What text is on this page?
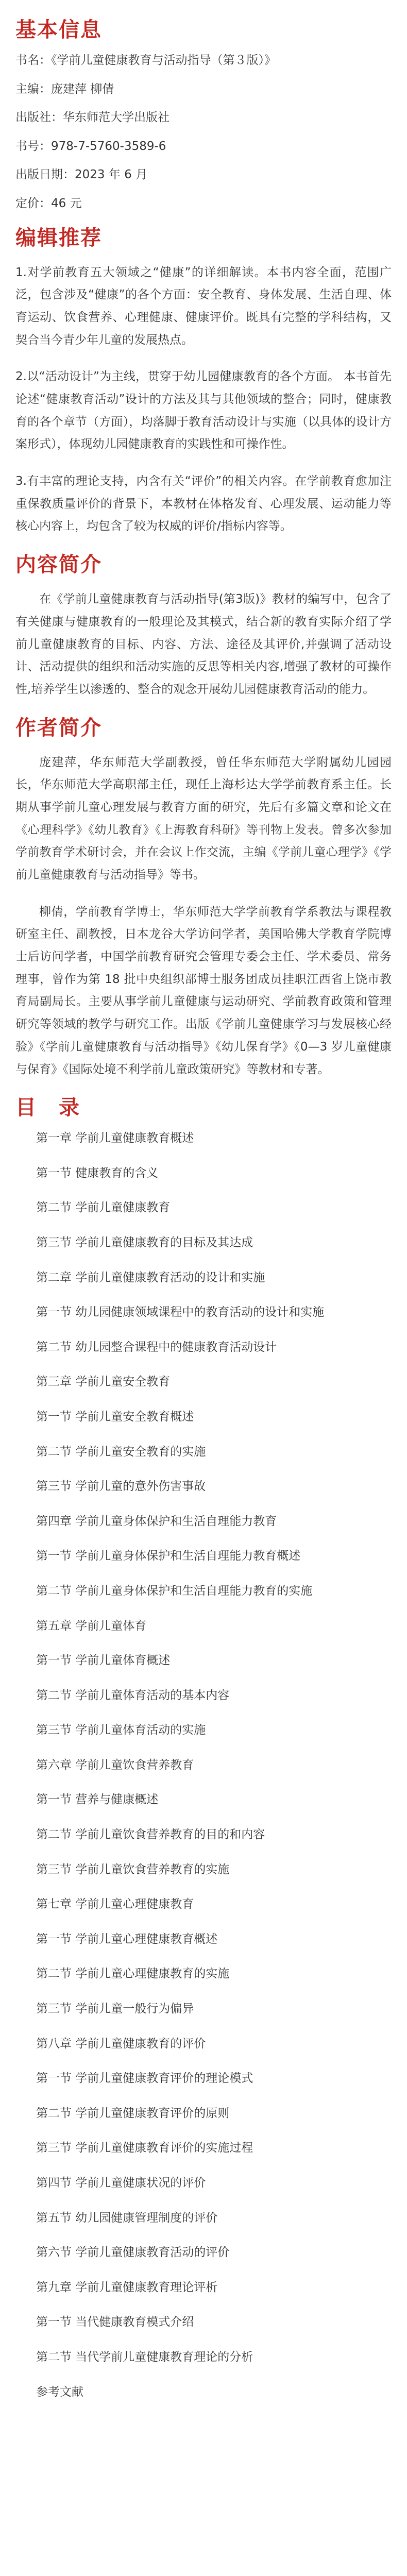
基本信息
书名：《学前儿童健康教育与活动指导（第３版）》
主编：庞建萍 柳倩
出版社：华东师范大学出版社
书号：978-7-5760-3589-6
出版日期：2023 年 6 月
定价：46 元
编辑推荐

1.对学前教育五大领域之“健康”的详细解读。本书内容全面，范围广泛，包含涉及“健康”的各个方面：安全教育、身体发展、生活自理、体育运动、饮食营养、心理健康、健康评价。既具有完整的学科结构，又契合当今青少年儿童的发展热点。

2.以“活动设计”为主线，贯穿于幼儿园健康教育的各个方面。 本书首先论述“健康教育活动”设计的方法及其与其他领域的整合；同时，健康教育的各个章节（方面），均落脚于教育活动设计与实施（以具体的设计方案形式），体现幼儿园健康教育的实践性和可操作性。

3.有丰富的理论支持，内含有关“评价”的相关内容。在学前教育愈加注重保教质量评价的背景下，本教材在体格发育、心理发展、运动能力等核心内容上，均包含了较为权威的评价/指标内容等。

内容简介

在《学前儿童健康教育与活动指导(第3版)》教材的编写中，包含了有关健康与健康教育的一般理论及其模式，结合新的教育实际介绍了学前儿童健康教育的目标、内容、方法、途径及其评价,并强调了活动设计、活动提供的组织和活动实施的反思等相关内容,增强了教材的可操作性,培养学生以渗透的、整合的观念开展幼儿园健康教育活动的能力。

作者简介

庞建萍，华东师范大学副教授，曾任华东师范大学附属幼儿园园长，华东师范大学高职部主任，现任上海杉达大学学前教育系主任。长期从事学前儿童心理发展与教育方面的研究，先后有多篇文章和论文在《心理科学》《幼儿教育》《上海教育科研》等刊物上发表。曾多次参加学前教育学术研讨会，并在会议上作交流，主编《学前儿童心理学》《学前儿童健康教育与活动指导》等书。

柳倩，学前教育学博士，华东师范大学学前教育学系教法与课程教研室主任、副教授，日本龙谷大学访问学者，美国哈佛大学教育学院博士后访问学者，中国学前教育研究会管理专委会主任、学术委员、常务理事，曾作为第 18 批中央组织部博士服务团成员挂职江西省上饶市教育局副局长。主要从事学前儿童健康与运动研究、学前教育政策和管理研究等领域的教学与研究工作。出版《学前儿童健康学习与发展核心经验》《学前儿童健康教育与活动指导》《幼儿保育学》《0—3 岁儿童健康与保育》《国际处境不利学前儿童政策研究》等教材和专著。

目　录
第一章 学前儿童健康教育概述
第一节 健康教育的含义
第二节 学前儿童健康教育
第三节 学前儿童健康教育的目标及其达成
第二章 学前儿童健康教育活动的设计和实施
第一节 幼儿园健康领域课程中的教育活动的设计和实施
第二节 幼儿园整合课程中的健康教育活动设计
第三章 学前儿童安全教育
第一节 学前儿童安全教育概述
第二节 学前儿童安全教育的实施
第三节 学前儿童的意外伤害事故
第四章 学前儿童身体保护和生活自理能力教育
第一节 学前儿童身体保护和生活自理能力教育概述
第二节 学前儿童身体保护和生活自理能力教育的实施
第五章 学前儿童体育
第一节 学前儿童体育概述
第二节 学前儿童体育活动的基本内容
第三节 学前儿童体育活动的实施
第六章 学前儿童饮食营养教育
第一节 营养与健康概述
第二节 学前儿童饮食营养教育的目的和内容
第三节 学前儿童饮食营养教育的实施
第七章 学前儿童心理健康教育
第一节 学前儿童心理健康教育概述
第二节 学前儿童心理健康教育的实施
第三节 学前儿童一般行为偏异
第八章 学前儿童健康教育的评价
第一节 学前儿童健康教育评价的理论模式
第二节 学前儿童健康教育评价的原则
第三节 学前儿童健康教育评价的实施过程
第四节 学前儿童健康状况的评价
第五节 幼儿园健康管理制度的评价
第六节 学前儿童健康教育活动的评价
第九章 学前儿童健康教育理论评析
第一节 当代健康教育模式介绍
第二节 当代学前儿童健康教育理论的分析
参考文献
